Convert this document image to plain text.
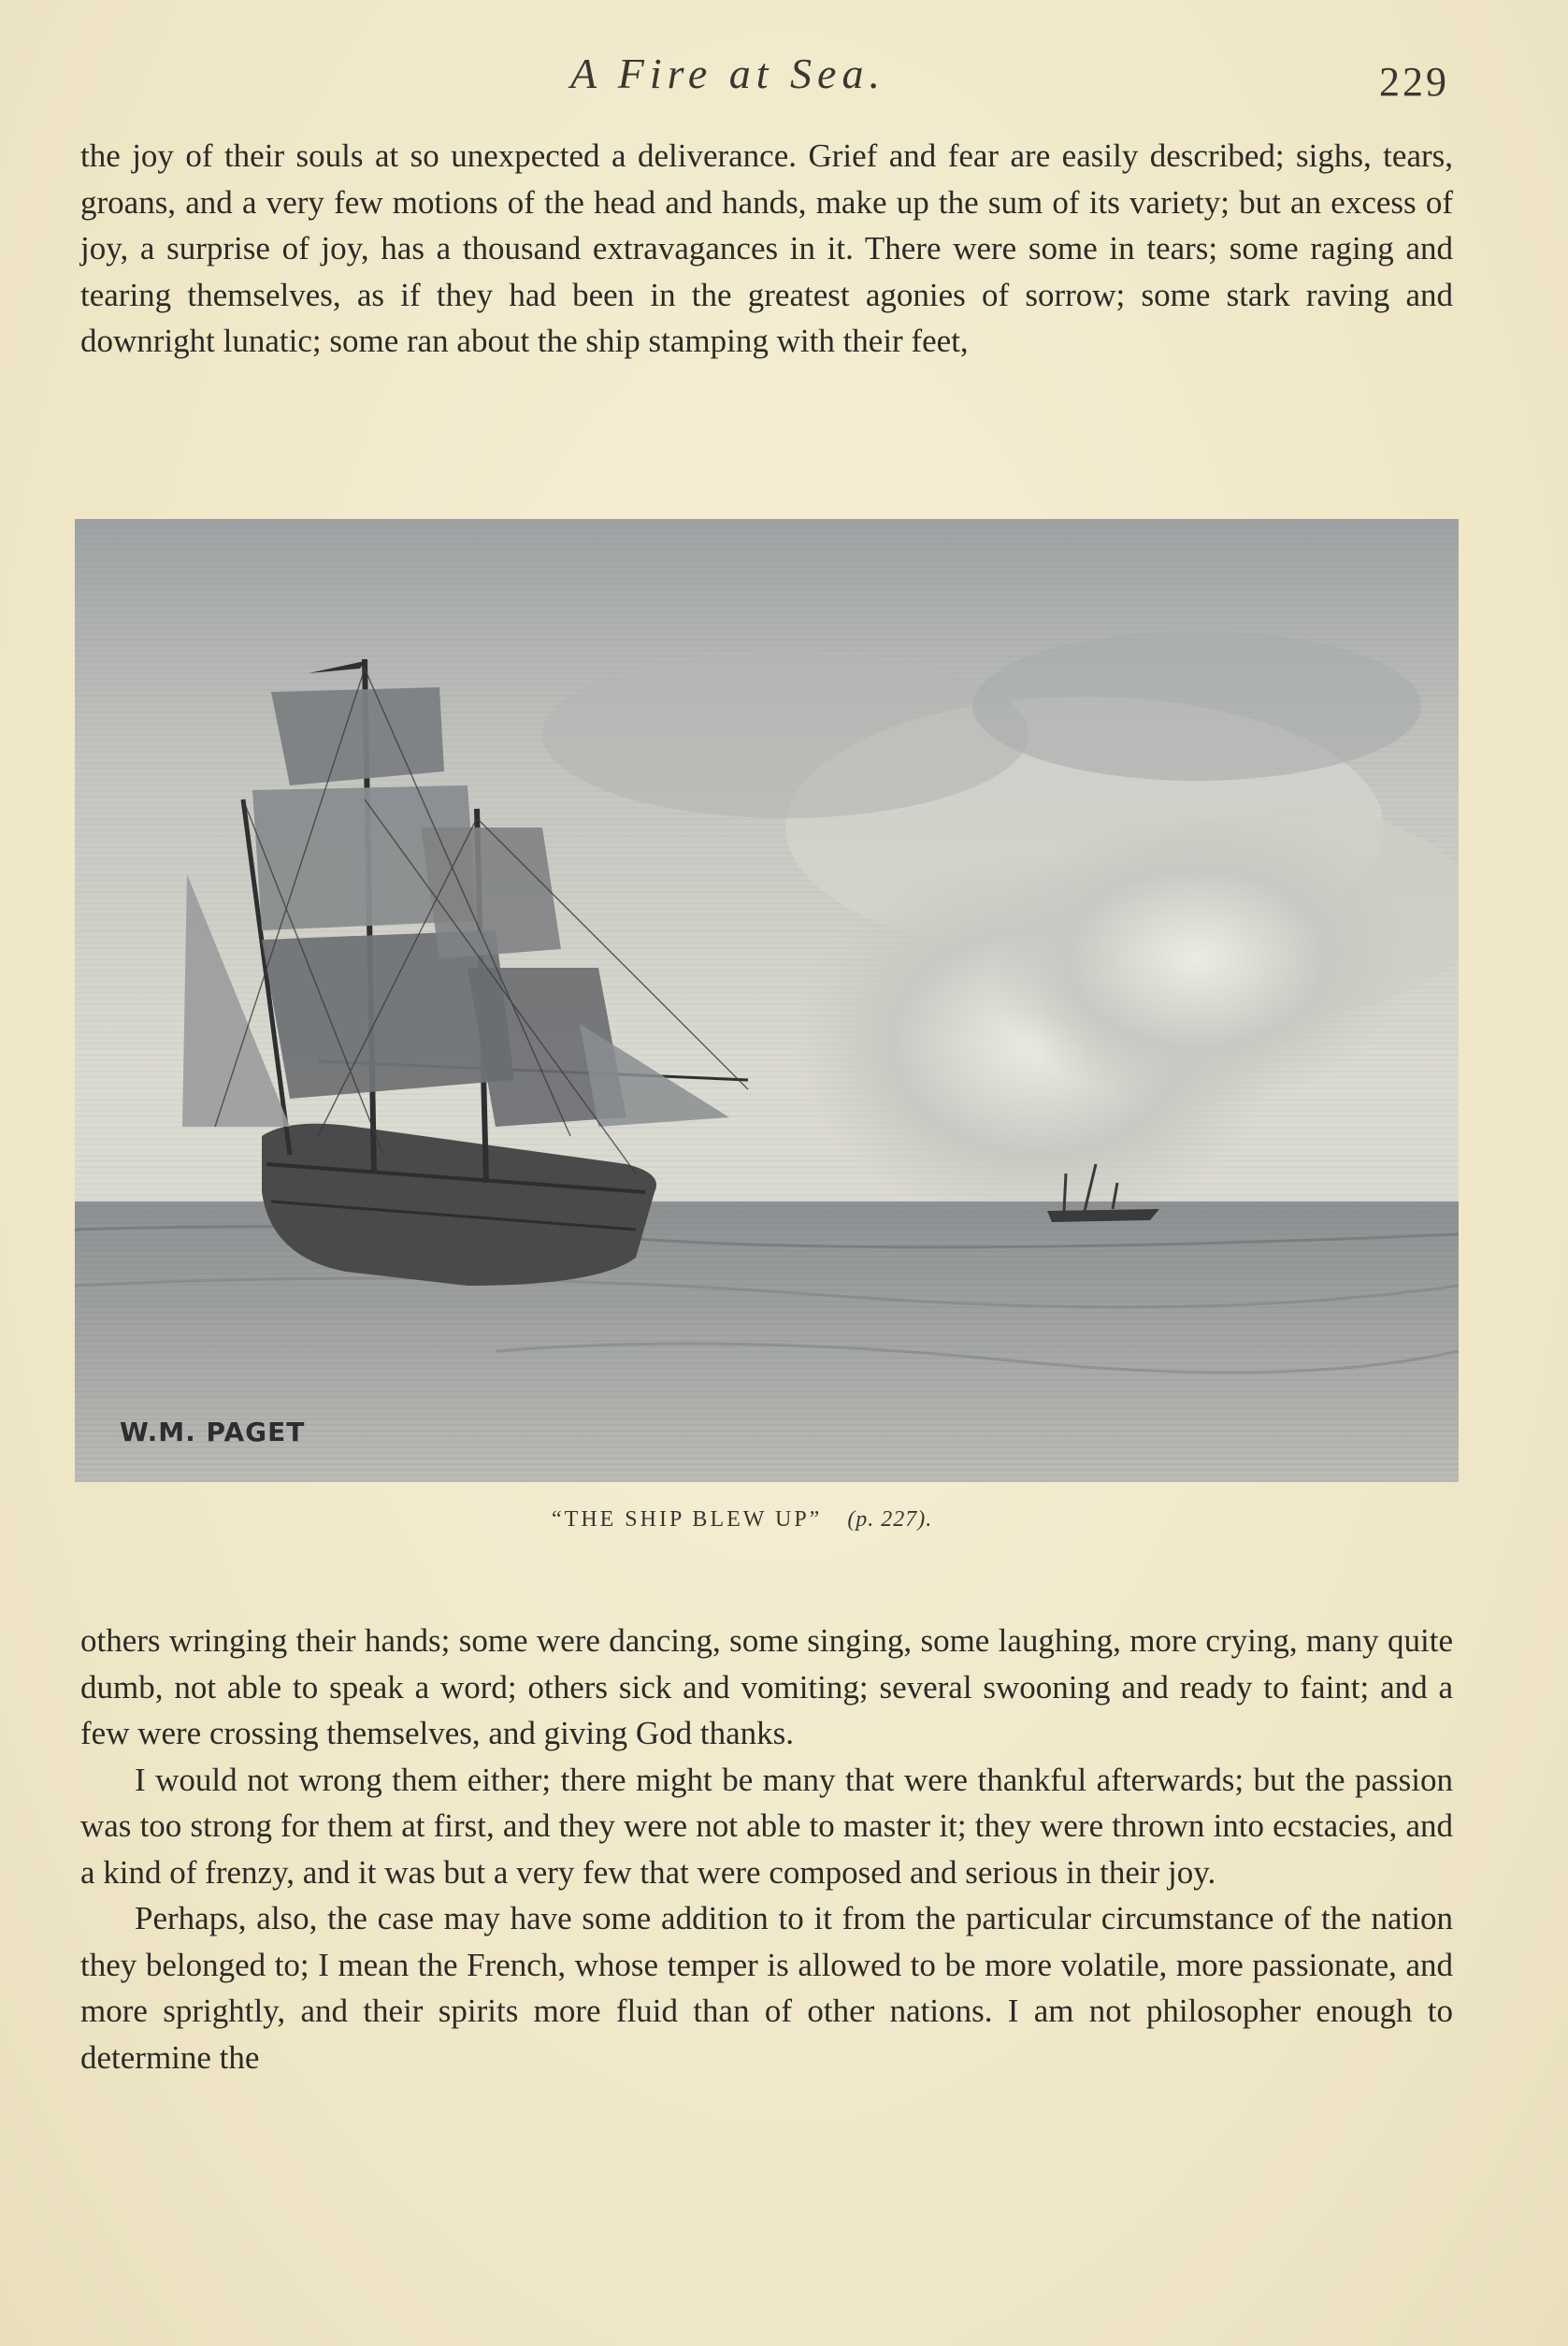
A Fire at Sea.	229

the joy of their souls at so unexpected a deliverance. Grief and fear are easily described; sighs, tears, groans, and a very few motions of the head and hands, make up the sum of its variety; but an excess of joy, a surprise of joy, has a thousand extravagances in it. There were some in tears; some raging and tearing themselves, as if they had been in the greatest agonies of sorrow; some stark raving and downright lunatic; some ran about the ship stamping with their feet,

W.M. PAGET
“THE SHIP BLEW UP” (p. 227).

others wringing their hands; some were dancing, some singing, some laughing, more crying, many quite dumb, not able to speak a word; others sick and vomiting; several swooning and ready to faint; and a few were crossing themselves, and giving God thanks.

I would not wrong them either; there might be many that were thankful afterwards; but the passion was too strong for them at first, and they were not able to master it; they were thrown into ecstacies, and a kind of frenzy, and it was but a very few that were composed and serious in their joy.

Perhaps, also, the case may have some addition to it from the particular circumstance of the nation they belonged to; I mean the French, whose temper is allowed to be more volatile, more passionate, and more sprightly, and their spirits more fluid than of other nations. I am not philosopher enough to determine the
